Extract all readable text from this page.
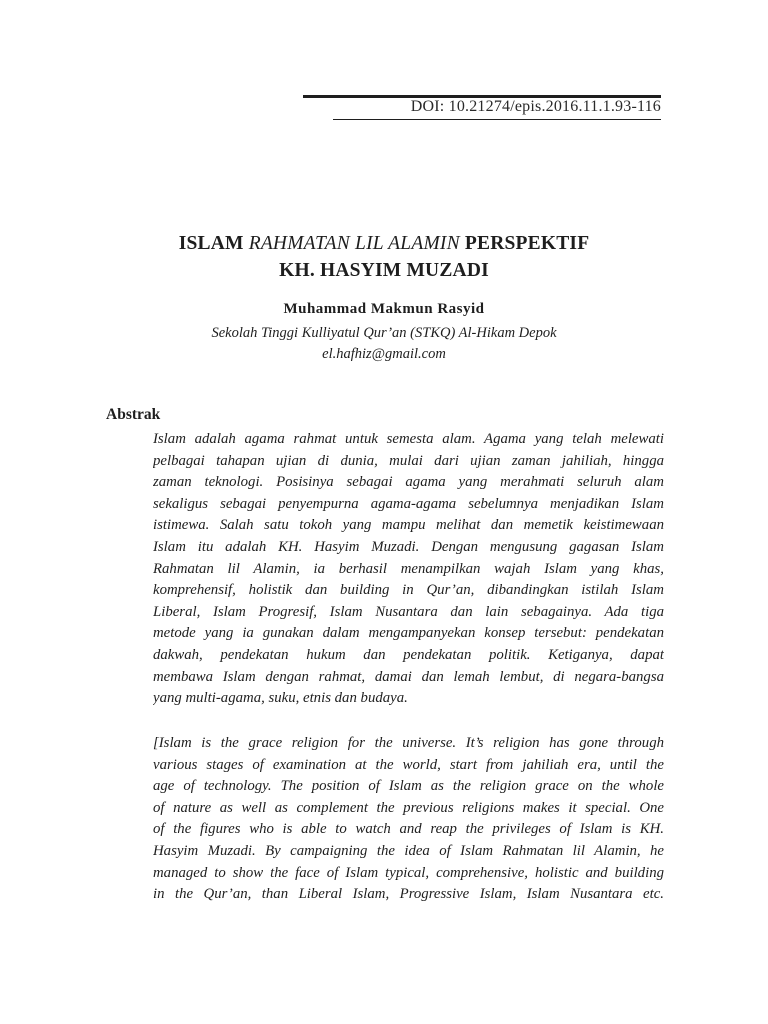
DOI: 10.21274/epis.2016.11.1.93-116
ISLAM RAHMATAN LIL ALAMIN PERSPEKTIF
KH. HASYIM MUZADI
Muhammad Makmun Rasyid
Sekolah Tinggi Kulliyatul Qur’an (STKQ) Al-Hikam Depok
el.hafhiz@gmail.com
Abstrak
Islam adalah agama rahmat untuk semesta alam. Agama yang telah melewati
pelbagai tahapan ujian di dunia, mulai dari ujian zaman jahiliah, hingga
zaman teknologi. Posisinya sebagai agama yang merahmati seluruh alam
sekaligus sebagai penyempurna agama-agama sebelumnya menjadikan Islam
istimewa. Salah satu tokoh yang mampu melihat dan memetik keistimewaan
Islam itu adalah KH. Hasyim Muzadi. Dengan mengusung gagasan Islam
Rahmatan lil Alamin, ia berhasil menampilkan wajah Islam yang khas,
komprehensif, holistik dan building in Qur’an, dibandingkan istilah Islam
Liberal, Islam Progresif, Islam Nusantara dan lain sebagainya. Ada tiga
metode yang ia gunakan dalam mengampanyekan konsep tersebut: pendekatan
dakwah, pendekatan hukum dan pendekatan politik. Ketiganya, dapat
membawa Islam dengan rahmat, damai dan lemah lembut, di negara-bangsa
yang multi-agama, suku, etnis dan budaya.
[Islam is the grace religion for the universe. It’s religion has gone through
various stages of examination at the world, start from jahiliah era, until the
age of technology. The position of Islam as the religion grace on the whole
of nature as well as complement the previous religions makes it special. One
of the figures who is able to watch and reap the privileges of Islam is KH.
Hasyim Muzadi. By campaigning the idea of Islam Rahmatan lil Alamin, he
managed to show the face of Islam typical, comprehensive, holistic and building
in the Qur’an, than Liberal Islam, Progressive Islam, Islam Nusantara etc.
